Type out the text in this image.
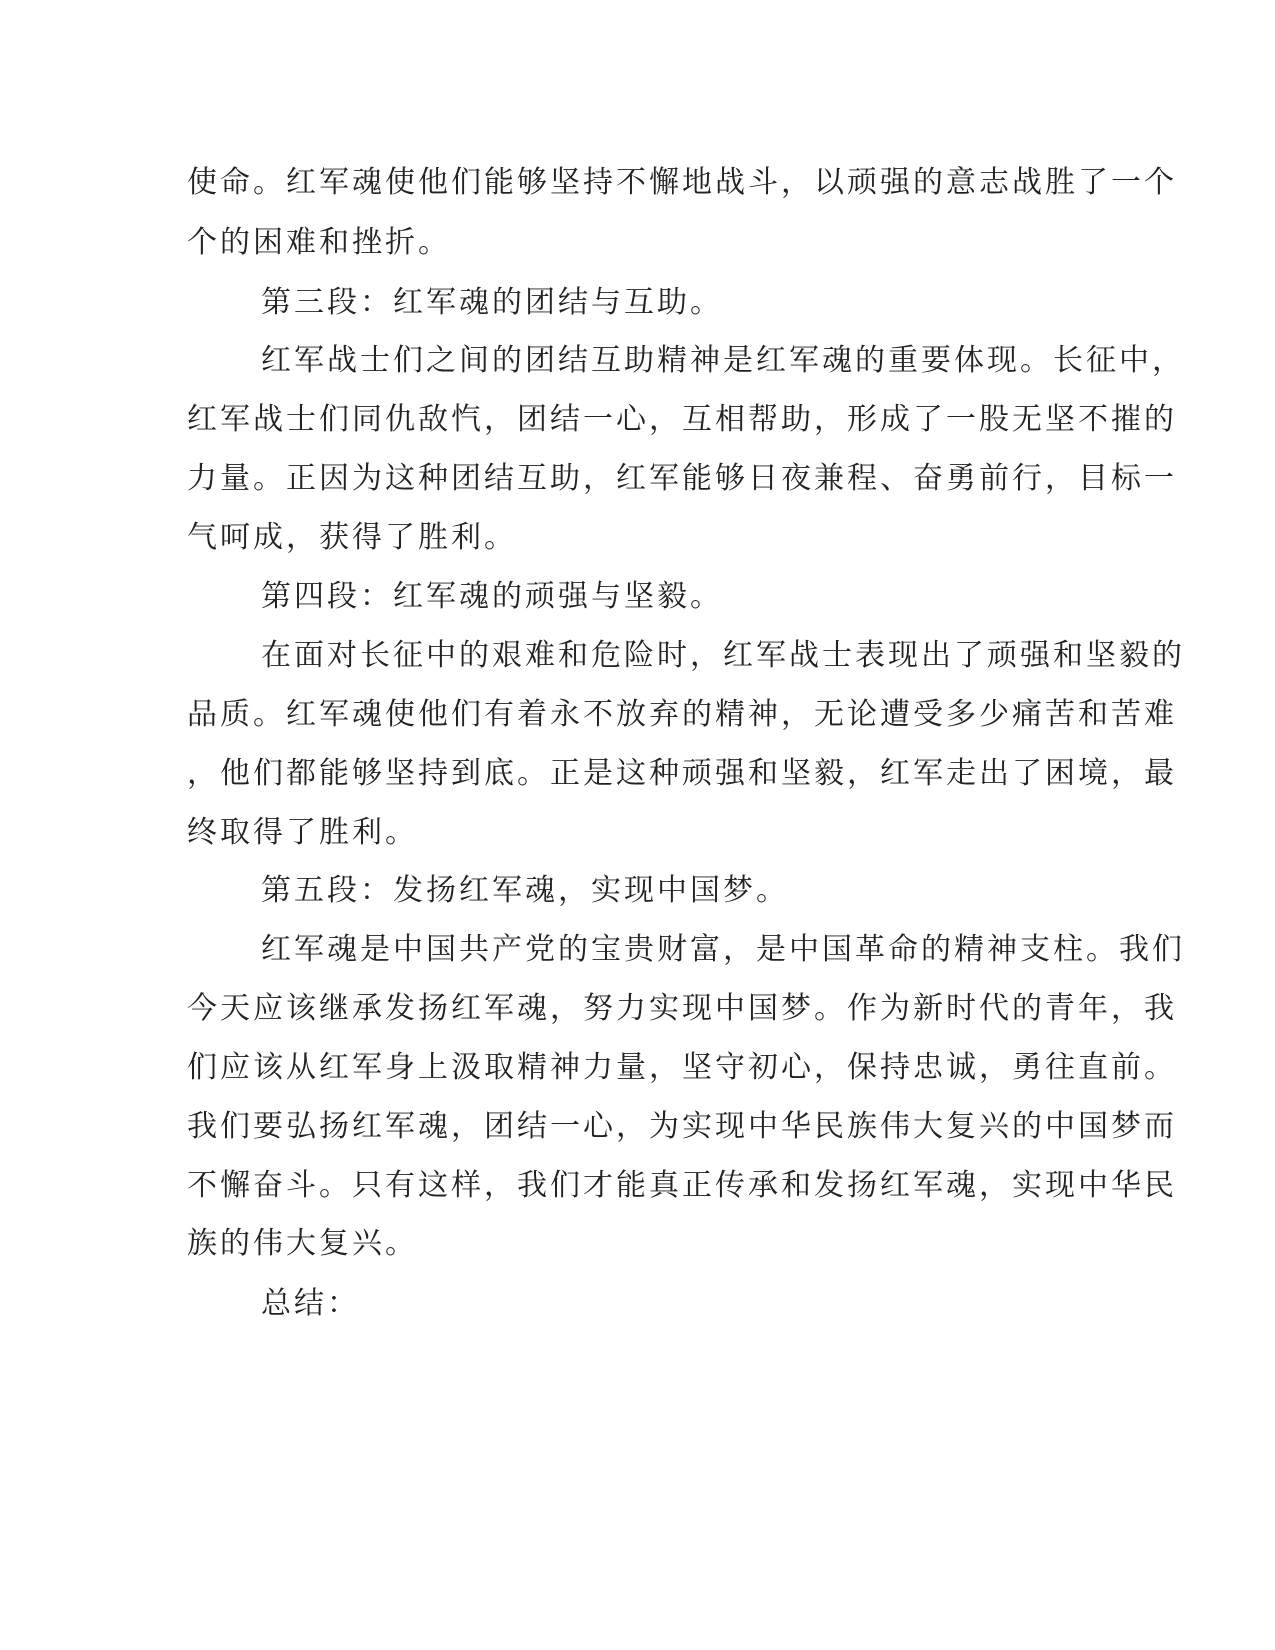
使命。红军魂使他们能够坚持不懈地战斗，以顽强的意志战胜了一个
个的困难和挫折。
第三段：红军魂的团结与互助。
红军战士们之间的团结互助精神是红军魂的重要体现。长征中，
红军战士们同仇敌忾，团结一心，互相帮助，形成了一股无坚不摧的
力量。正因为这种团结互助，红军能够日夜兼程、奋勇前行，目标一
气呵成，获得了胜利。
第四段：红军魂的顽强与坚毅。
在面对长征中的艰难和危险时，红军战士表现出了顽强和坚毅的
品质。红军魂使他们有着永不放弃的精神，无论遭受多少痛苦和苦难
，他们都能够坚持到底。正是这种顽强和坚毅，红军走出了困境，最
终取得了胜利。
第五段：发扬红军魂，实现中国梦。
红军魂是中国共产党的宝贵财富，是中国革命的精神支柱。我们
今天应该继承发扬红军魂，努力实现中国梦。作为新时代的青年，我
们应该从红军身上汲取精神力量，坚守初心，保持忠诚，勇往直前。
我们要弘扬红军魂，团结一心，为实现中华民族伟大复兴的中国梦而
不懈奋斗。只有这样，我们才能真正传承和发扬红军魂，实现中华民
族的伟大复兴。
总结：
